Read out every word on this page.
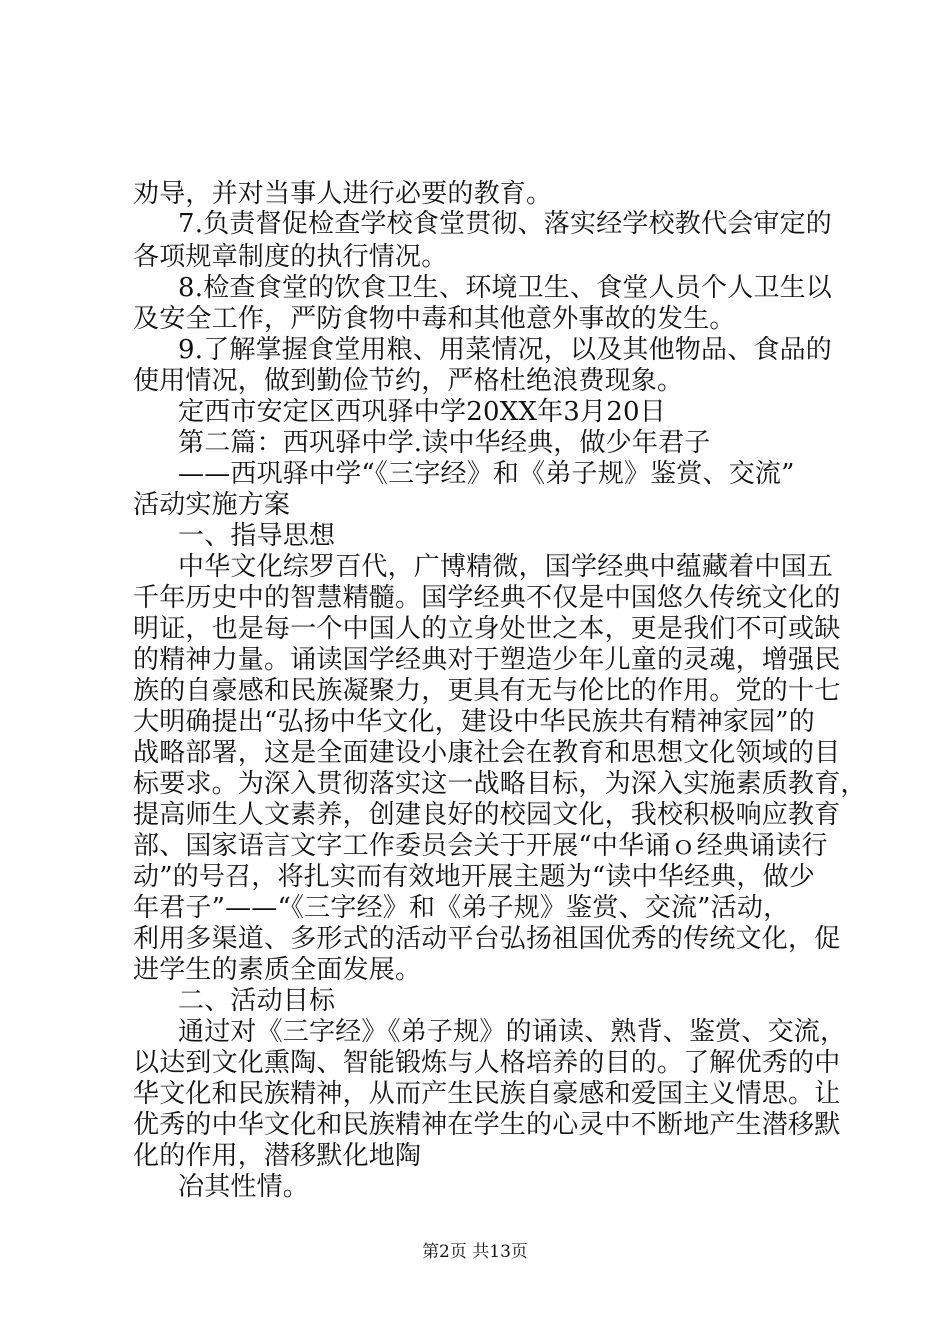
劝导，并对当事人进行必要的教育。
7.负责督促检查学校食堂贯彻、落实经学校教代会审定的
各项规章制度的执行情况。
8.检查食堂的饮食卫生、环境卫生、食堂人员个人卫生以
及安全工作，严防食物中毒和其他意外事故的发生。
9.了解掌握食堂用粮、用菜情况，以及其他物品、食品的
使用情况，做到勤俭节约，严格杜绝浪费现象。
定西市安定区西巩驿中学20XX年3月20日
第二篇：西巩驿中学.读中华经典，做少年君子
——西巩驿中学“《三字经》和《弟子规》鉴赏、交流”
活动实施方案
一、指导思想
中华文化综罗百代，广博精微，国学经典中蕴藏着中国五
千年历史中的智慧精髓。国学经典不仅是中国悠久传统文化的
明证，也是每一个中国人的立身处世之本，更是我们不可或缺
的精神力量。诵读国学经典对于塑造少年儿童的灵魂，增强民
族的自豪感和民族凝聚力，更具有无与伦比的作用。党的十七
大明确提出“弘扬中华文化，建设中华民族共有精神家园”的
战略部署，这是全面建设小康社会在教育和思想文化领域的目
标要求。为深入贯彻落实这一战略目标，为深入实施素质教育，
提高师生人文素养，创建良好的校园文化，我校积极响应教育
部、国家语言文字工作委员会关于开展“中华诵ｏ经典诵读行
动”的号召，将扎实而有效地开展主题为“读中华经典，做少
年君子”——“《三字经》和《弟子规》鉴赏、交流”活动，
利用多渠道、多形式的活动平台弘扬祖国优秀的传统文化，促
进学生的素质全面发展。
二、活动目标
通过对《三字经》《弟子规》的诵读、熟背、鉴赏、交流，
以达到文化熏陶、智能锻炼与人格培养的目的。了解优秀的中
华文化和民族精神，从而产生民族自豪感和爱国主义情思。让
优秀的中华文化和民族精神在学生的心灵中不断地产生潜移默
化的作用，潜移默化地陶
冶其性情。
第2页 共13页
